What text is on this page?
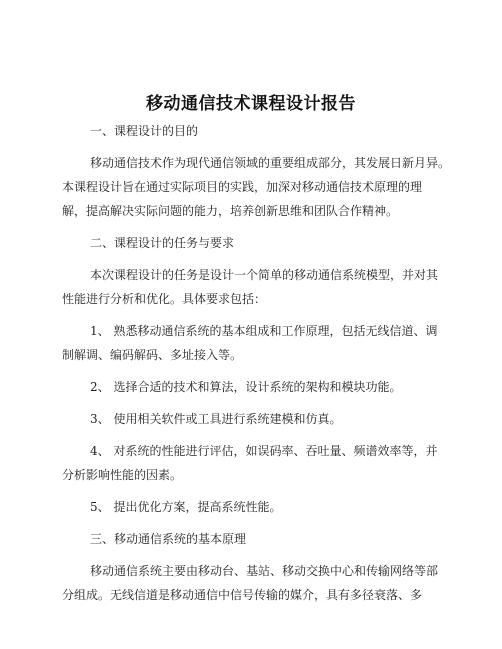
移动通信技术课程设计报告
一、课程设计的目的
移动通信技术作为现代通信领域的重要组成部分，其发展日新月异。
本课程设计旨在通过实际项目的实践，加深对移动通信技术原理的理
解，提高解决实际问题的能力，培养创新思维和团队合作精神。
二、课程设计的任务与要求
本次课程设计的任务是设计一个简单的移动通信系统模型，并对其
性能进行分析和优化。具体要求包括：
1、 熟悉移动通信系统的基本组成和工作原理，包括无线信道、调
制解调、编码解码、多址接入等。
2、 选择合适的技术和算法，设计系统的架构和模块功能。
3、 使用相关软件或工具进行系统建模和仿真。
4、 对系统的性能进行评估，如误码率、吞吐量、频谱效率等，并
分析影响性能的因素。
5、 提出优化方案，提高系统性能。
三、移动通信系统的基本原理
移动通信系统主要由移动台、基站、移动交换中心和传输网络等部
分组成。无线信道是移动通信中信号传输的媒介，具有多径衰落、多
